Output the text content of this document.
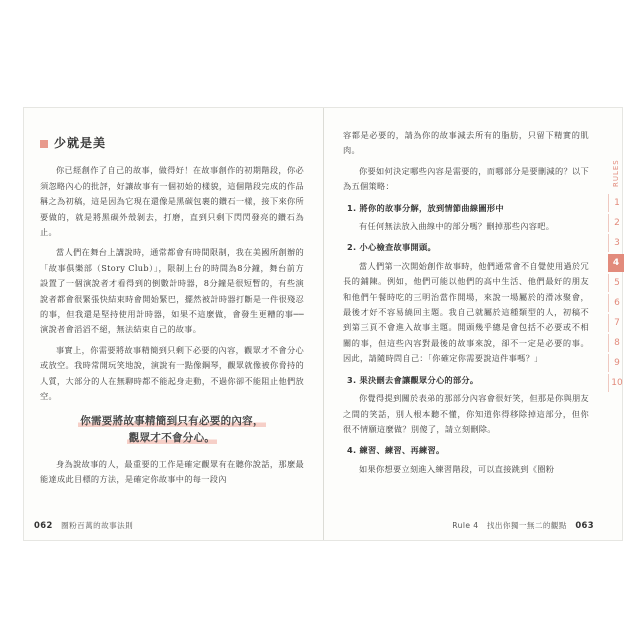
少就是美

你已經創作了自己的故事，做得好！在故事創作的初期階段，你必須忽略內心的批評，好讓故事有一個初始的樣貌，這個階段完成的作品稱之為初稿，這是因為它現在還像是黑碳包裹的鑽石一樣，接下來你所要做的，就是將黑碳外殼剝去，打磨，直到只剩下閃閃發亮的鑽石為止。

當人們在舞台上講說時，通常都會有時間限制，我在美國所創辦的「故事俱樂部（Story Club）」，限制上台的時間為8分鐘，舞台前方設置了一個演說者才看得到的倒數計時器，8分鐘是很短暫的，有些演說者都會很緊張快結束時會開始緊巴，擺然被計時器打斷是一件很殘忍的事，但我還是堅持使用計時器，如果不這麼做，會發生更糟的事──演說者會滔滔不絕，無法結束自己的故事。

事實上，你需要將故事精簡到只剩下必要的內容，觀眾才不會分心或放空。我時常開玩笑地說，演說有一點像鋼琴，觀眾就像被你脅持的人質，大部分的人在無聊時都不能起身走動，不過你卻不能阻止他們放空。

你需要將故事精簡到只有必要的內容，
觀眾才不會分心。

身為說故事的人，最重要的工作是確定觀眾有在聽你說話，那麼最能達成此目標的方法，是確定你故事中的每一段內

容都是必要的，請為你的故事減去所有的脂肪，只留下精實的肌肉。

你要如何決定哪些內容是需要的，而哪部分是要刪減的？以下為五個策略：

1. 將你的故事分解，放到情節曲線圖形中

有任何無法放入曲線中的部分嗎？刪掉那些內容吧。

2. 小心檢查故事開頭。

當人們第一次開始創作故事時，他們通常會不自覺使用過於冗長的鋪陳。例如，他們可能以他們的高中生活、他們最好的朋友和他們午餐時吃的三明治當作開場，來說一場屬於的滑冰聚會，最後才好不容易繞回主題。我自己就屬於這種類型的人，初稿不到第三頁不會進入故事主題。開頭幾乎總是會包括不必要或不相關的事，但這些內容對最後的故事來說，卻不一定是必要的事。因此，請隨時問自己：「你確定你需要說這件事嗎？」

3. 果決刪去會讓觀眾分心的部分。

你覺得提到關於表弟的那部分內容會很好笑，但那是你與朋友之間的笑話，別人根本聽不懂，你知道你得移除掉這部分，但你很不情願這麼做？別傻了，請立刻刪除。

4. 練習、練習、再練習。

如果你想要立刻進入練習階段，可以直接跳到《圈粉

062 圈粉百萬的故事法則	Rule 4 找出你獨一無二的觀點 063
RULES
1
2
3
4
5
6
7
8
9
10
